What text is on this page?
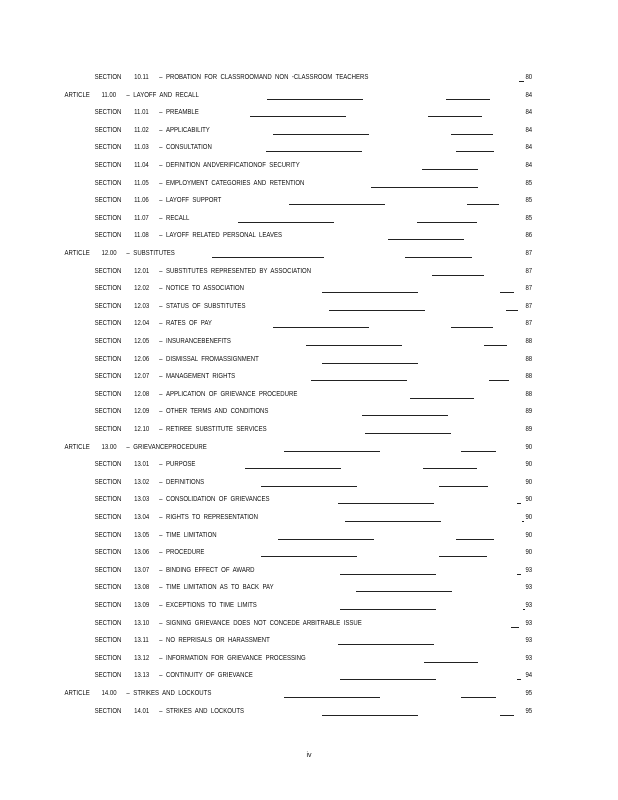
SECTION 10.11 – PROBATION FOR CLASSROOMAND NON -CLASSROOM TEACHERS	80
ARTICLE 11.00 – LAYOFF AND RECALL	84
SECTION 11.01 – PREAMBLE	84
SECTION 11.02 – APPLICABILITY	84
SECTION 11.03 – CONSULTATION	84
SECTION 11.04 – DEFINITION ANDVERIFICATIONOF SECURITY	84
SECTION 11.05 – EMPLOYMENT CATEGORIES AND RETENTION	85
SECTION 11.06 – LAYOFF SUPPORT	85
SECTION 11.07 – RECALL	85
SECTION 11.08 – LAYOFF RELATED PERSONAL LEAVES	86
ARTICLE 12.00 – SUBSTITUTES	87
SECTION 12.01 – SUBSTITUTES REPRESENTED BY ASSOCIATION	87
SECTION 12.02 – NOTICE TO ASSOCIATION	87
SECTION 12.03 – STATUS OF SUBSTITUTES	87
SECTION 12.04 – RATES OF PAY	87
SECTION 12.05 – INSURANCEBENEFITS	88
SECTION 12.06 – DISMISSAL FROMASSIGNMENT	88
SECTION 12.07 – MANAGEMENT RIGHTS	88
SECTION 12.08 – APPLICATION OF GRIEVANCE PROCEDURE	88
SECTION 12.09 – OTHER TERMS AND CONDITIONS	89
SECTION 12.10 – RETIREE SUBSTITUTE SERVICES	89
ARTICLE 13.00 – GRIEVANCEPROCEDURE	90
SECTION 13.01 – PURPOSE	90
SECTION 13.02 – DEFINITIONS	90
SECTION 13.03 – CONSOLIDATION OF GRIEVANCES	90
SECTION 13.04 – RIGHTS TO REPRESENTATION	90
SECTION 13.05 – TIME LIMITATION	90
SECTION 13.06 – PROCEDURE	90
SECTION 13.07 – BINDING EFFECT OF AWARD	93
SECTION 13.08 – TIME LIMITATION AS TO BACK PAY	93
SECTION 13.09 – EXCEPTIONS TO TIME LIMITS	93
SECTION 13.10 – SIGNING GRIEVANCE DOES NOT CONCEDE ARBITRABLE ISSUE	93
SECTION 13.11 – NO REPRISALS OR HARASSMENT	93
SECTION 13.12 – INFORMATION FOR GRIEVANCE PROCESSING	93
SECTION 13.13 – CONTINUITY OF GRIEVANCE	94
ARTICLE 14.00 – STRIKES AND LOCKOUTS	95
SECTION 14.01 – STRIKES AND LOCKOUTS	95
iv
